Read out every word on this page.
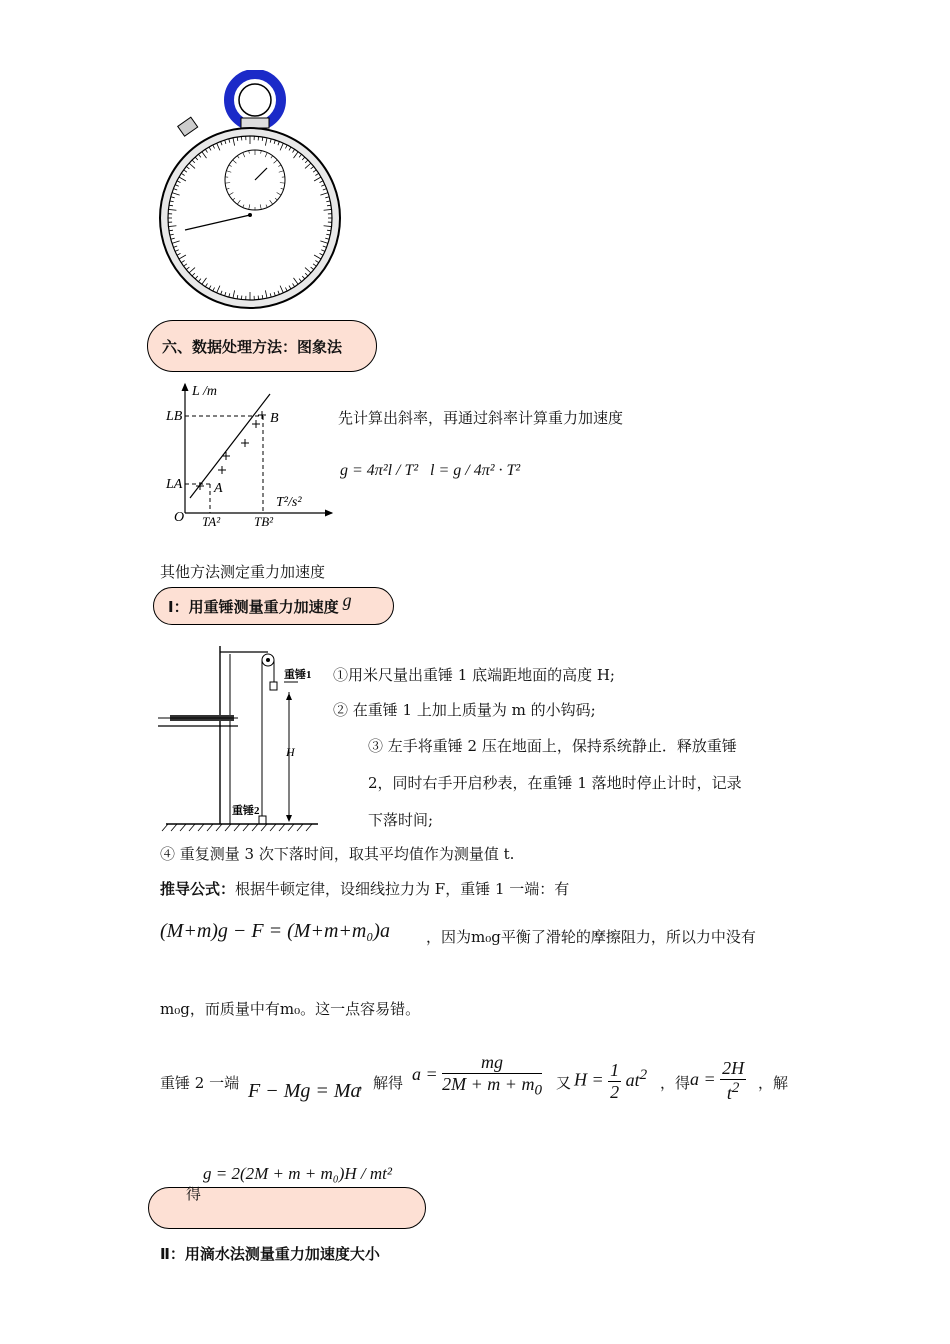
六、数据处理方法：图象法
L /m
T²/s²
O
LB
LA
TA²	TB²
A
B	先计算出斜率，再通过斜率计算重力加速度
g = 4π²l / T² l = g / 4π² · T²
其他方法测定重力加速度
Ⅰ：用重锤测量重力加速度 g
重锤1
重锤2
H
①用米尺量出重锤 1 底端距地面的高度 H;
② 在重锤 1 上加上质量为 m 的小钩码;
③ 左手将重锤 2 压在地面上，保持系统静止．释放重锤
2，同时右手开启秒表，在重锤 1 落地时停止计时，记录
下落时间;
④ 重复测量 3 次下落时间，取其平均值作为测量值 t.
推导公式：根据牛顿定律，设细线拉力为 F，重锤 1 一端：有
(M+m)g − F = (M+m+m₀)a ，因为m₀g平衡了滑轮的摩擦阻力，所以力中没有
m₀g，而质量中有m₀。这一点容易错。
重锤 2 一端 F − Mg = Ma
，解得 $a = \frac{mg}{2M + m + m_0}$ 又 $H = \frac{1}{2} at^2$ ，得 $a = \frac{2H}{t^2}$ ，解
得
g = 2(2M + m + m₀)H / mt²
Ⅱ：用滴水法测量重力加速度大小
